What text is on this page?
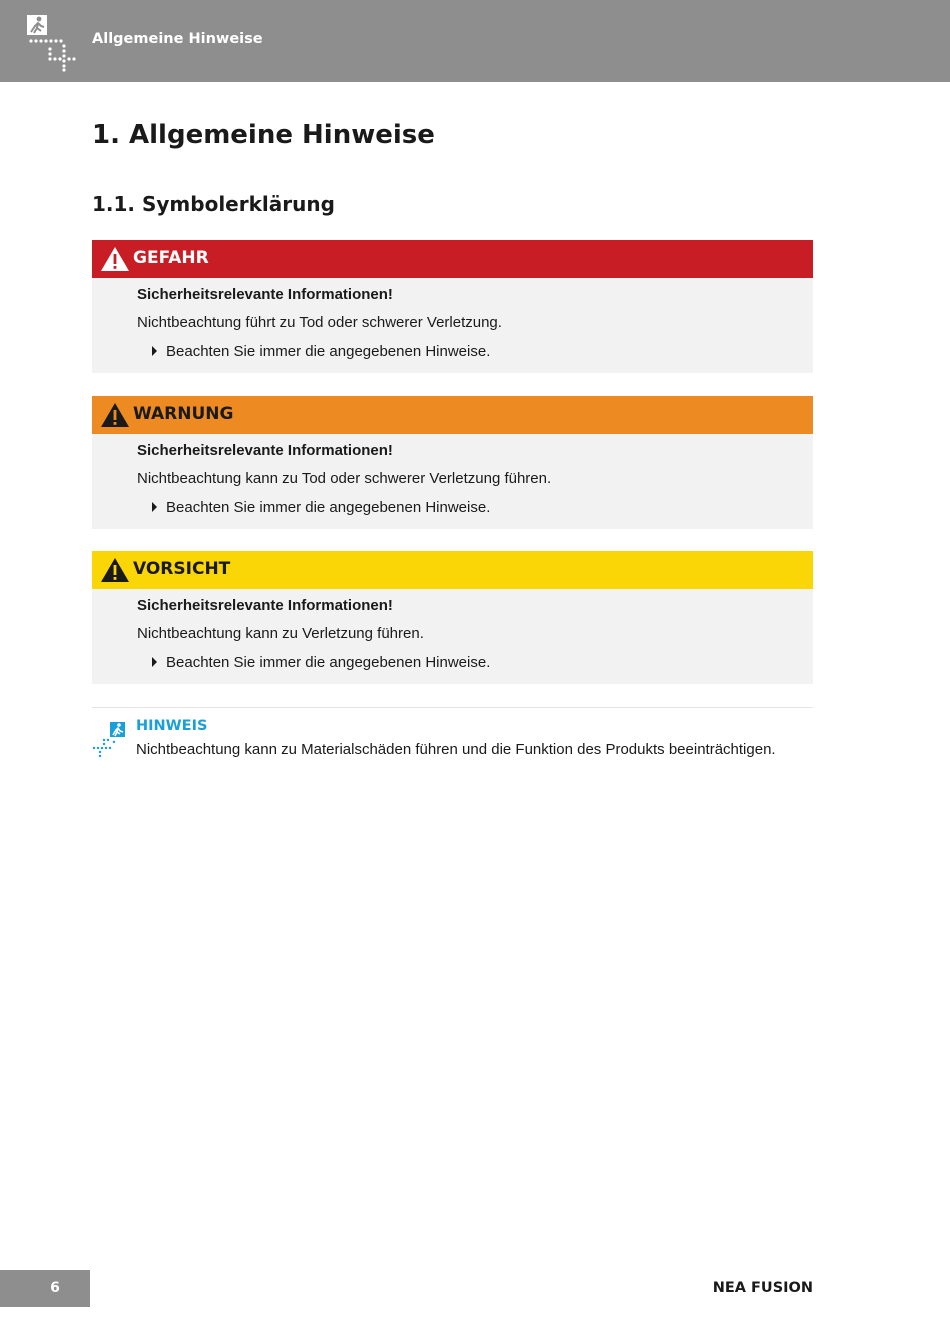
Allgemeine Hinweise
1. Allgemeine Hinweise
1.1. Symbolerklärung
GEFAHR
Sicherheitsrelevante Informationen!
Nichtbeachtung führt zu Tod oder schwerer Verletzung.
Beachten Sie immer die angegebenen Hinweise.
WARNUNG
Sicherheitsrelevante Informationen!
Nichtbeachtung kann zu Tod oder schwerer Verletzung führen.
Beachten Sie immer die angegebenen Hinweise.
VORSICHT
Sicherheitsrelevante Informationen!
Nichtbeachtung kann zu Verletzung führen.
Beachten Sie immer die angegebenen Hinweise.
HINWEIS
Nichtbeachtung kann zu Materialschäden führen und die Funktion des Produkts beeinträchtigen.
6	NEA FUSION
